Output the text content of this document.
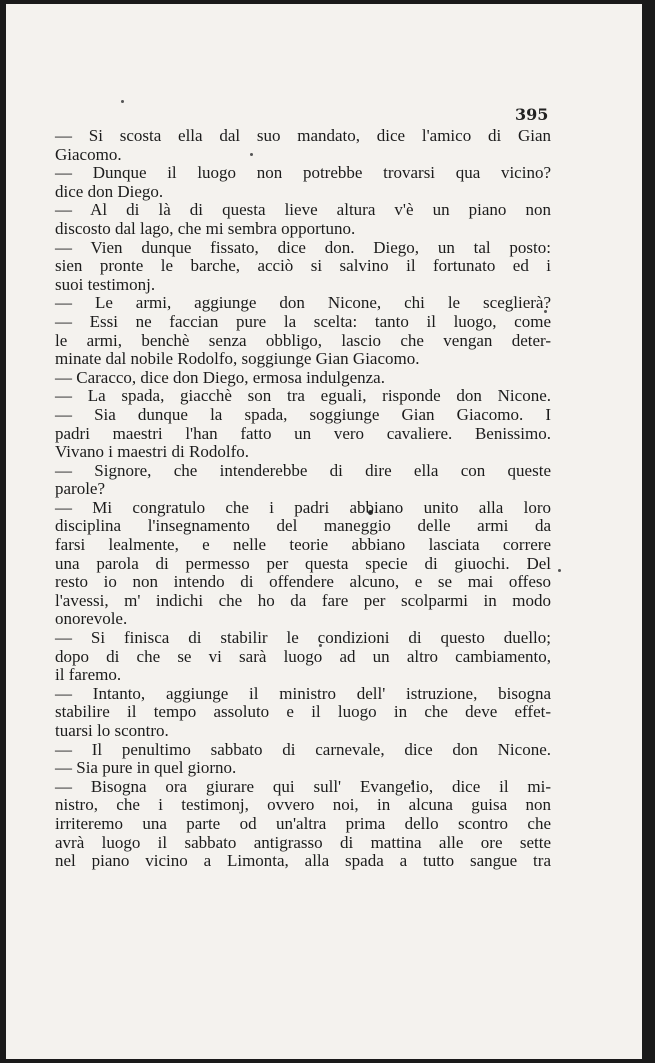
395
— Si scosta ella dal suo mandato, dice l'amico di Gian
Giacomo.
— Dunque il luogo non potrebbe trovarsi qua vicino?
dice don Diego.
— Al di là di questa lieve altura v'è un piano non
discosto dal lago, che mi sembra opportuno.
— Vien dunque fissato, dice don. Diego, un tal posto:
sien pronte le barche, acciò si salvino il fortunato ed i
suoi testimonj.
— Le armi, aggiunge don Nicone, chi le sceglierà?
— Essi ne faccian pure la scelta: tanto il luogo, come
le armi, benchè senza obbligo, lascio che vengan deter-
minate dal nobile Rodolfo, soggiunge Gian Giacomo.
— Caracco, dice don Diego, ermosa indulgenza.
— La spada, giacchè son tra eguali, risponde don Nicone.
— Sia dunque la spada, soggiunge Gian Giacomo. I
padri maestri l'han fatto un vero cavaliere. Benissimo.
Vivano i maestri di Rodolfo.
— Signore, che intenderebbe di dire ella con queste
parole?
— Mi congratulo che i padri abbiano unito alla loro
disciplina l'insegnamento del maneggio delle armi da
farsi lealmente, e nelle teorie abbiano lasciata correre
una parola di permesso per questa specie di giuochi. Del
resto io non intendo di offendere alcuno, e se mai offeso
l'avessi, m' indichi che ho da fare per scolparmi in modo
onorevole.
— Si finisca di stabilir le condizioni di questo duello;
dopo di che se vi sarà luogo ad un altro cambiamento,
il faremo.
— Intanto, aggiunge il ministro dell' istruzione, bisogna
stabilire il tempo assoluto e il luogo in che deve effet-
tuarsi lo scontro.
— Il penultimo sabbato di carnevale, dice don Nicone.
— Sia pure in quel giorno.
— Bisogna ora giurare qui sull' Evangelio, dice il mi-
nistro, che i testimonj, ovvero noi, in alcuna guisa non
irriteremo una parte od un'altra prima dello scontro che
avrà luogo il sabbato antigrasso di mattina alle ore sette
nel piano vicino a Limonta, alla spada a tutto sangue tra
